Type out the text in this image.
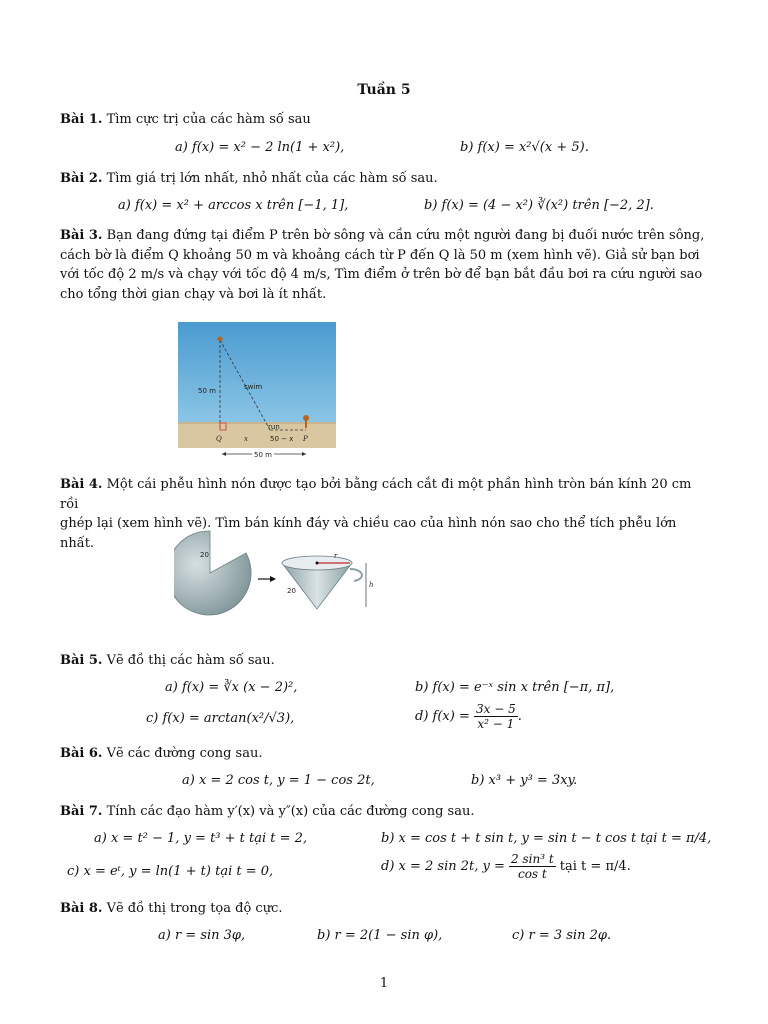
Tuần 5
Bài 1. Tìm cực trị của các hàm số sau
a) f(x) = x² − 2 ln(1 + x²),	b) f(x) = x²√(x + 5).
Bài 2. Tìm giá trị lớn nhất, nhỏ nhất của các hàm số sau.
a) f(x) = x² + arccos x trên [−1, 1],	b) f(x) = (4 − x²) ∛(x²) trên [−2, 2].
Bài 3. Bạn đang đứng tại điểm P trên bờ sông và cần cứu một người đang bị đuối nước trên sông,
cách bờ là điểm Q khoảng 50 m và khoảng cách từ P đến Q là 50 m (xem hình vẽ). Giả sử bạn bơi
với tốc độ 2 m/s và chạy với tốc độ 4 m/s, Tìm điểm ở trên bờ để bạn bắt đầu bơi ra cứu người sao
cho tổng thời gian chạy và bơi là ít nhất.
50 m	swim
run
Q	x	50 − x P
50 m
Bài 4. Một cái phễu hình nón được tạo bởi bằng cách cắt đi một phần hình tròn bán kính 20 cm rồi
ghép lại (xem hình vẽ). Tìm bán kính đáy và chiều cao của hình nón sao cho thể tích phễu lớn nhất.
20	r
h
20
Bài 5. Vẽ đồ thị các hàm số sau.
a) f(x) = ∛x (x − 2)²,	b) f(x) = e⁻ˣ sin x trên [−π, π],
c) f(x) = arctan(x²/√3),	d) $f(x) = \frac{3x - 5}{\text{x² − 1}}$ .
Bài 6. Vẽ các đường cong sau.
a) x = 2 cos t, y = 1 − cos 2t,	b) x³ + y³ = 3xy.
Bài 7. Tính các đạo hàm y′(x) và y″(x) của các đường cong sau.
a) x = t² − 1, y = t³ + t tại t = 2,	b) x = cos t + t sin t, y = sin t − t cos t tại t = π/4,
c) x = eᵗ, y = ln(1 + t) tại t = 0,	d) x = 2 sin 2t, $y = \frac{\text{2 sin³ t}}{\text{cos t}}$ tại t = π/4.
Bài 8. Vẽ đồ thị trong tọa độ cực.
a) r = sin 3φ,	b) r = 2(1 − sin φ),	c) r = 3 sin 2φ.
1
